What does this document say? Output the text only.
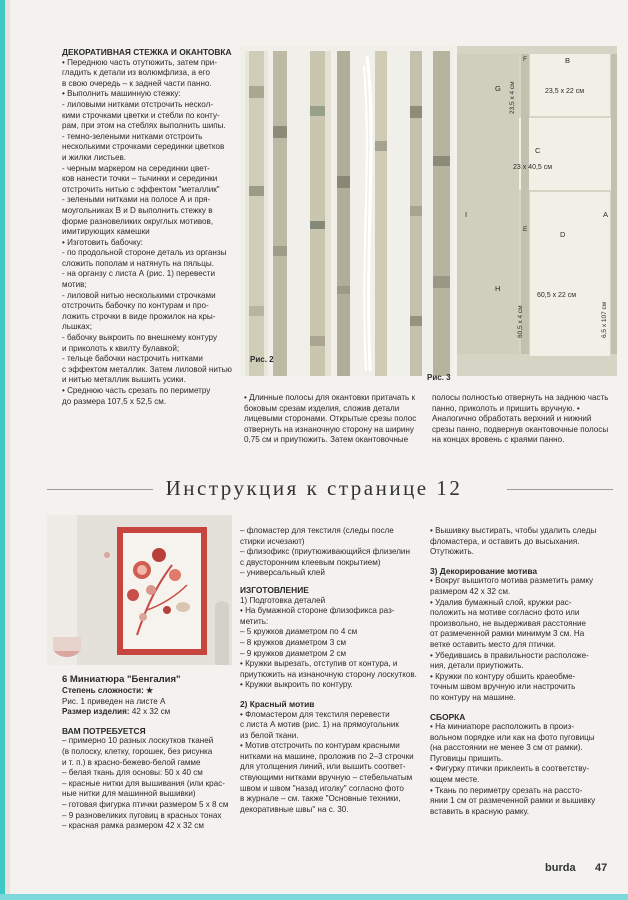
ДЕКОРАТИВНАЯ СТЕЖКА И ОКАНТОВКА

• Переднюю часть отутюжить, затем при-

гладить к детали из волюмфлиза, а его

в свою очередь – к задней части панно.

• Выполнить машинную стежку:

- лиловыми нитками отстрочить нескол-

кими строчками цветки и стебли по конту-

рам, при этом на стеблях выполнить шипы.

- темно-зелеными нитками отстроить

несколькими строчками серединки цветков

и жилки листьев.

- черным маркером на серединки цвет-

ков нанести точки – тычинки и серединки

отстрочить нитью с эффектом "металлик"

- зелеными нитками на полосе А и пря-

моугольниках В и D выполнить стежку в

форме разновеликих округлых мотивов,

имитирующих камешки

• Изготовить бабочку:

- по продольной стороне деталь из органзы

сложить пополам и натянуть на пяльцы.

- на органзу с листа А (рис. 1) перевести

мотив;

- лиловой нитью несколькими строчками

отстрочить бабочку по контурам и про-

ложить строчки в виде прожилок на кры-

льшках;

- бабочку выкроить по внешнему контуру

и приколоть к квилту булавкой;

- тельце бабочки настрочить нитками

с эффектом металлик. Затем лиловой нитью

и нитью металлик вышить усики.

• Среднюю часть срезать по периметру

до размера 107,5 х 52,5 см.

Рис. 2
B
23,5 х 22 см
G 23,5 х 4 см
F
C
23 х 40,5 см
I	A
D
E
H
60,5 х 22 см
60,5 х 4 см	6,5 х 107 см
Рис. 3
• Длинные полосы для окантовки притачать к боковым срезам изделия, сложив детали лицевыми сторонами. Открытые срезы полос отвернуть на изнаночную сторону на ширину 0,75 см и приутюжить. Затем окантовочные
полосы полностью отвернуть на заднюю часть панно, приколоть и пришить вручную. • Аналогично обработать верхний и нижний срезы панно, подвернув окантовочные полосы на концах вровень с краями панно.
Инструкция к странице 12

6 Миниатюра "Бенгалия"

Степень сложности: ★

Рис. 1 приведен на листе А

Размер изделия: 42 х 32 см

ВАМ ПОТРЕБУЕТСЯ

– примерно 10 разных лоскутков тканей

(в полоску, клетку, горошек, без рисунка

и т. п.) в красно-бежево-белой гамме

– белая ткань для основы: 50 х 40 см

– красные нитки для вышивания (или крас-

ные нитки для машинной вышивки)

– готовая фигурка птички размером 5 х 8 см

– 9 разновеликих пуговиц в красных тонах

– красная рамка размером 42 х 32 см

– фломастер для текстиля (следы после

стирки исчезают)

– флизофикс (приутюживающийся флизелин

с двусторонним клеевым покрытием)

– универсальный клей

ИЗГОТОВЛЕНИЕ

1) Подготовка деталей

• На бумажной стороне флизофикса раз-

метить:

– 5 кружков диаметром по 4 см

– 8 кружков диаметром 3 см

– 9 кружков диаметром 2 см

• Кружки вырезать, отступив от контура, и

приутюжить на изнаночную сторону лоскутков.

• Кружки выкроить по контуру.

2) Красный мотив

• Фломастером для текстиля перевести

с листа А мотив (рис. 1) на прямоугольник

из белой ткани.

• Мотив отстрочить по контурам красными

нитками на машине, проложив по 2–3 строчки

для утолщения линий, или вышить соответ-

ствующими нитками вручную – стебельчатым

швом и швом "назад иголку" согласно фото

в журнале – см. также "Основные техники,

декоративные швы" на с. 30.

• Вышивку выстирать, чтобы удалить следы

фломастера, и оставить до высыхания.

Отутюжить.

3) Декорирование мотива

• Вокруг вышитого мотива разметить рамку

размером 42 х 32 см.

• Удалив бумажный слой, кружки рас-

положить на мотиве согласно фото или

произвольно, не выдерживая расстояние

от размеченной рамки минимум 3 см. На

ветке оставить место для птички.

• Убедившись в правильности расположе-

ния, детали приутюжить.

• Кружки по контуру обшить краеобме-

точным швом вручную или настрочить

по контуру на машине.

СБОРКА

• На миниатюре расположить в произ-

вольном порядке или как на фото пуговицы

(на расстоянии не менее 3 см от рамки).

Пуговицы пришить.

• Фигурку птички приклеить в соответству-

ющем месте.

• Ткань по периметру срезать на рассто-

янии 1 см от размеченной рамки и вышивку

вставить в красную рамку.

burda 47
